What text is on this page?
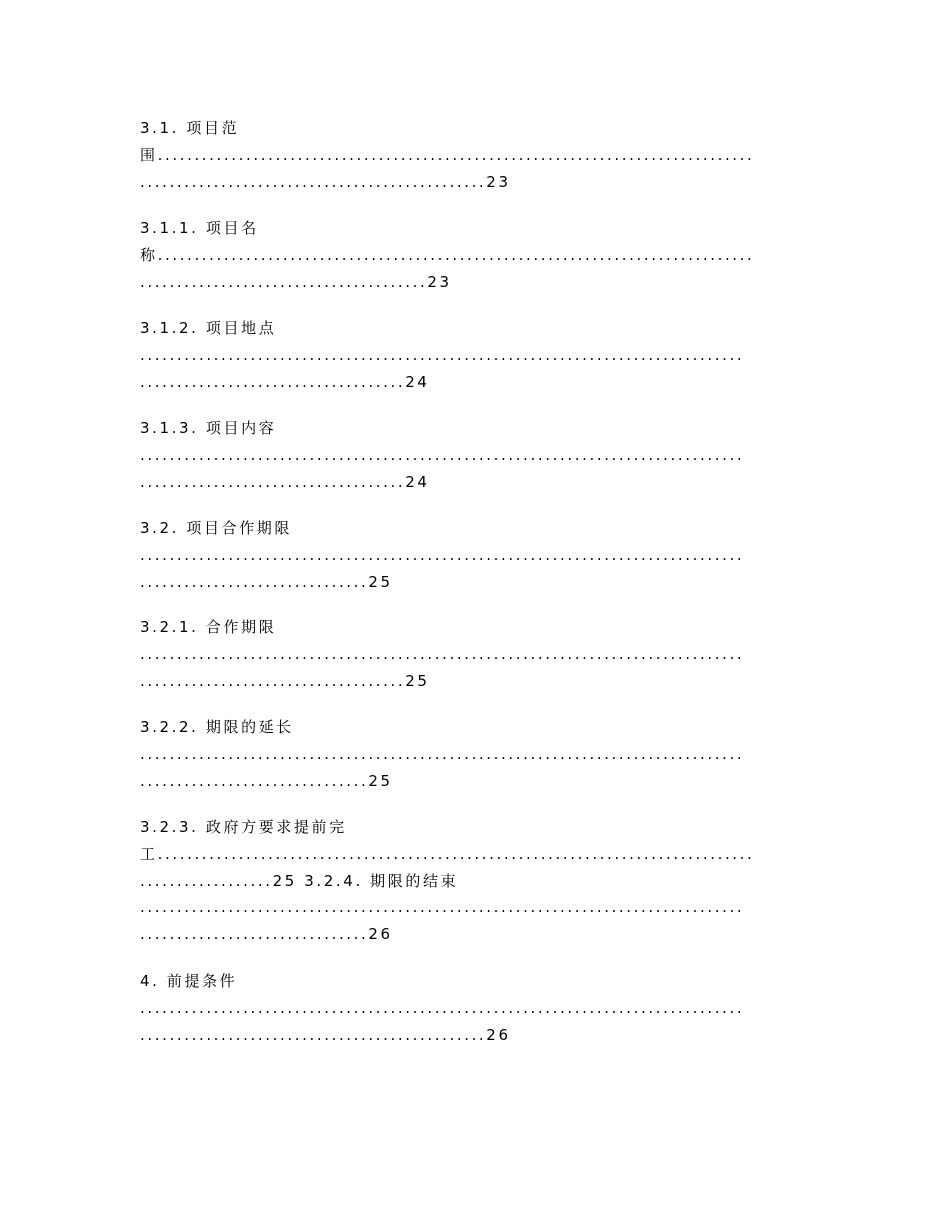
3.1. 项目范
围.................................................................................
...............................................23
3.1.1. 项目名
称.................................................................................
.......................................23
3.1.2. 项目地点
..................................................................................
....................................24
3.1.3. 项目内容
..................................................................................
....................................24
3.2. 项目合作期限
..................................................................................
...............................25
3.2.1. 合作期限
..................................................................................
....................................25
3.2.2. 期限的延长
..................................................................................
...............................25
3.2.3. 政府方要求提前完
工.................................................................................
..................25 3.2.4. 期限的结束
..................................................................................
...............................26
4. 前提条件
..................................................................................
...............................................26
